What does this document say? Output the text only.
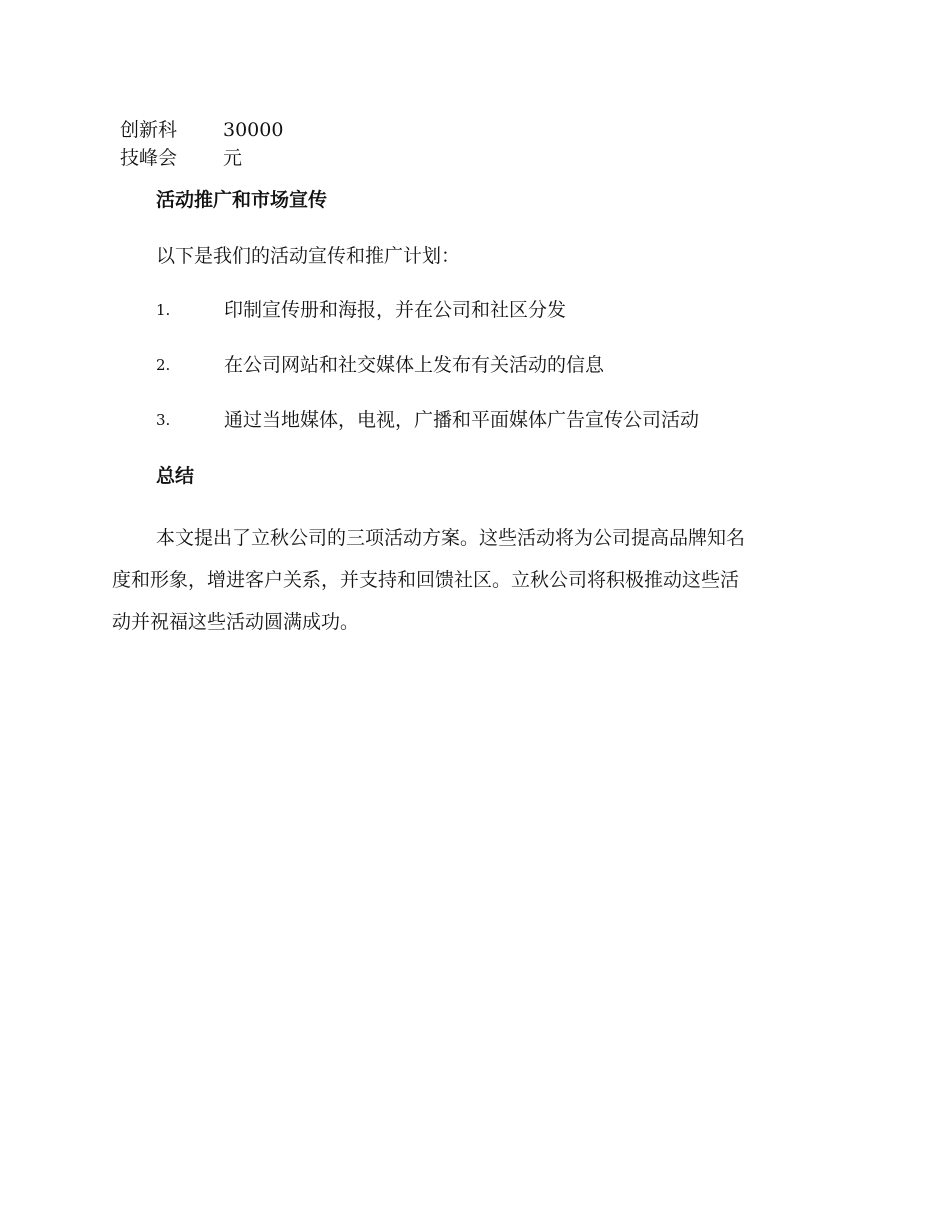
创新科	30000
技峰会	元
活动推广和市场宣传
以下是我们的活动宣传和推广计划：
1.	印制宣传册和海报，并在公司和社区分发
2.	在公司网站和社交媒体上发布有关活动的信息
3.	通过当地媒体，电视，广播和平面媒体广告宣传公司活动
总结
本文提出了立秋公司的三项活动方案。这些活动将为公司提高品牌知名
度和形象，增进客户关系，并支持和回馈社区。立秋公司将积极推动这些活
动并祝福这些活动圆满成功。
